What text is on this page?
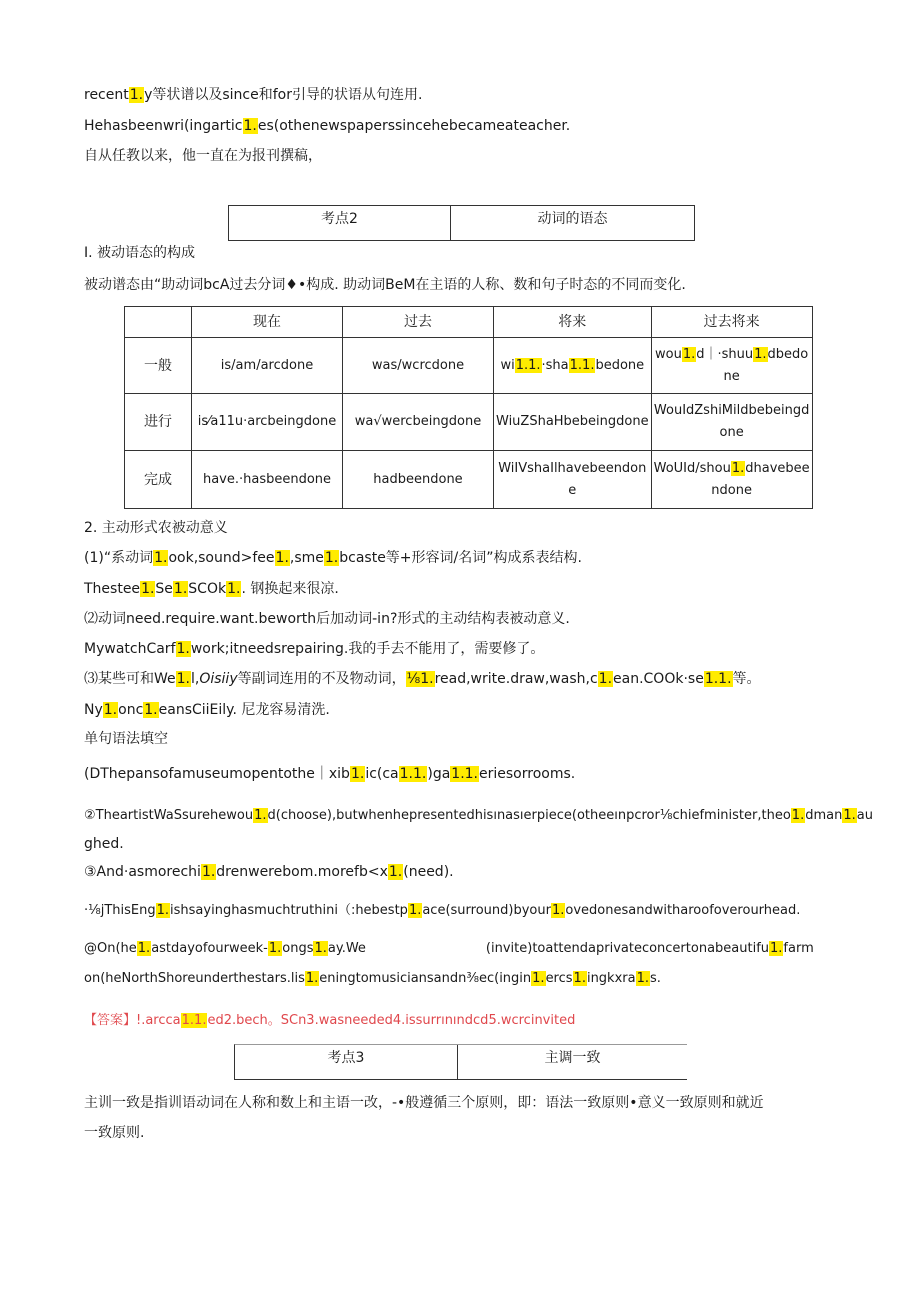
recent1.y等状谱以及since和for引导的状语从句连用.
Hehasbeenwri(ingartic1.es(othenewspaperssincehebecameateacher.
自从任教以来，他一直在为报刊撰稿，
考点2	动词的语态
I. 被动语态的构成
被动谱态由“助动词bcA过去分词♦•构成. 助动词BeM在主语的人称、数和句子时态的不同而变化.
	现在	过去	将来	过去将来
一般	is/am/arcdone	was/wcrcdone	wi1.1.·sha1.1.bedone	wou1.d｜·shuu1.dbedo
ne
进行	is⁄a11u·arcbeingdone	wa√wercbeingdone	WiuZShaHbebeingdone	WouIdZshiMildbebeingd
one
完成	have.·hasbeendone	hadbeendone	WiIVshaIlhavebeendon
e	WoUId/shou1.dhavebee
ndone
2. 主动形式农被动意义
(1)“系动词1.ook,sound>fee1.,sme1.bcaste等+形容词/名词”构成系表结构.
Thestee1.Se1.SCOk1.. 钢换起来很凉.
⑵动词need.require.want.beworth后加动词-in?形式的主动结构表被动意义.
MywatchCarf1.work;itneedsrepairing.我的手去不能用了，需要修了。
⑶某些可和We1.l,Oisiiy等副词连用的不及物动词，⅛1.read,write.draw,wash,c1.ean.COOk·se1.1.等。
Ny1.onc1.eansCiiEily. 尼龙容易清洗.
单句语法填空
(DThepansofamuseumopentothe｜xib1.ic(ca1.1.)ga1.1.eriesorrooms.
②TheartistWaSsurehewou1.d(choose),butwhenhepresentedhisınasıerpiece(otheeınpcror⅛chiefminister,theo1.dman1.au
ghed.
③And·asmorechi1.drenwerebom.morefb<x1.(need).
·⅛jThisEng1.ishsayinghasmuchtruthini（:hebestp1.ace(surround)byour1.ovedonesandwitharoofoverourhead.
@On(he1.astdayofourweek-1.ongs1.ay.We	(invite)toattendaprivateconcertonabeautifu1.farm
on(heNorthShoreunderthestars.lis1.eningtomusiciansandn⅜ec(ingin1.ercs1.ingkxra1.s.
【答案】!.arcca1.1.ed2.bech。SCn3.wasneeded4.issurrınındcd5.wcrcinvited
考点3	主调一致
主训一致是指训语动词在人称和数上和主语一改，-•般遵循三个原则，即：语法一致原则•意义一致原则和就近
一致原则.
